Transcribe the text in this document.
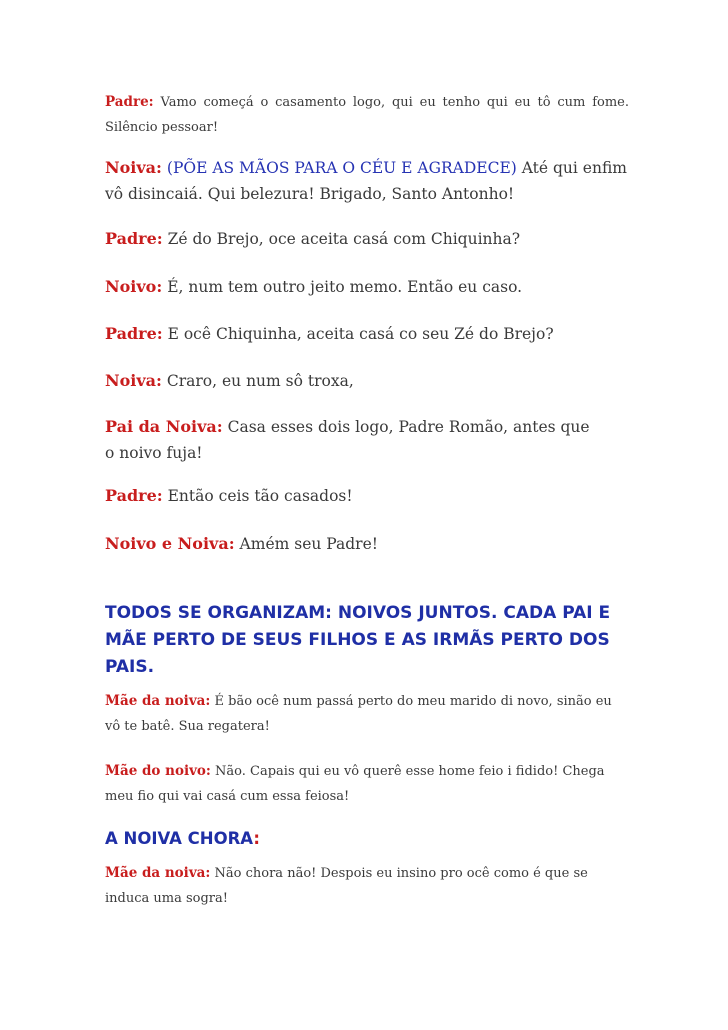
Padre: Vamo começá o casamento logo, qui eu tenho qui eu tô cum fome. Silêncio pessoar!

Noiva: (PÕE AS MÃOS PARA O CÉU E AGRADECE) Até qui enfim vô disincaiá. Qui belezura! Brigado, Santo Antonho!

Padre: Zé do Brejo, oce aceita casá com Chiquinha?

Noivo: É, num tem outro jeito memo. Então eu caso.

Padre: E ocê Chiquinha, aceita casá co seu Zé do Brejo?

Noiva: Craro, eu num sô troxa,

Pai da Noiva: Casa esses dois logo, Padre Romão, antes que o noivo fuja!

Padre: Então ceis tão casados!

Noivo e Noiva: Amém seu Padre!

TODOS SE ORGANIZAM: NOIVOS JUNTOS. CADA PAI E MÃE PERTO DE SEUS FILHOS E AS IRMÃS PERTO DOS PAIS.

Mãe da noiva: É bão ocê num passá perto do meu marido di novo, sinão eu vô te batê. Sua regatera!

Mãe do noivo: Não. Capais qui eu vô querê esse home feio i fidido! Chega meu fio qui vai casá cum essa feiosa!

A NOIVA CHORA:

Mãe da noiva: Não chora não! Despois eu insino pro ocê como é que se induca uma sogra!
